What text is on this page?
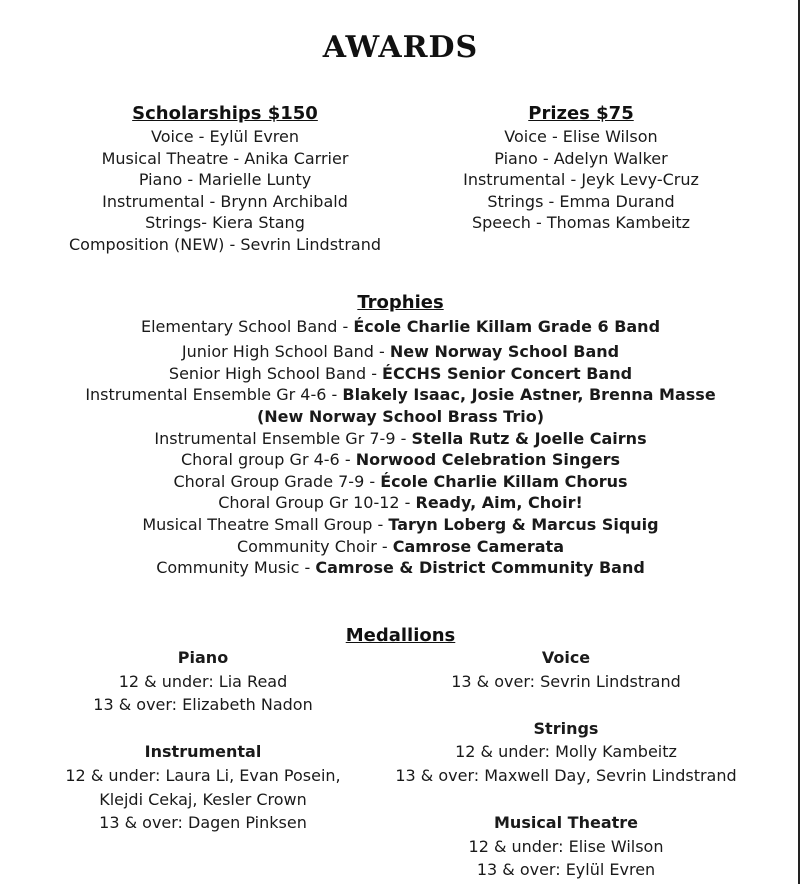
AWARDS
Scholarships $150
Voice - Eylül Evren
Musical Theatre - Anika Carrier
Piano - Marielle Lunty
Instrumental - Brynn Archibald
Strings- Kiera Stang
Composition (NEW) - Sevrin Lindstrand
Prizes $75
Voice - Elise Wilson
Piano - Adelyn Walker
Instrumental - Jeyk Levy-Cruz
Strings - Emma Durand
Speech - Thomas Kambeitz
Trophies
Elementary School Band - École Charlie Killam Grade 6 Band
Junior High School Band - New Norway School Band
Senior High School Band - ÉCCHS Senior Concert Band
Instrumental Ensemble Gr 4-6 - Blakely Isaac, Josie Astner, Brenna Masse
(New Norway School Brass Trio)
Instrumental Ensemble Gr 7-9 - Stella Rutz & Joelle Cairns
Choral group Gr 4-6 - Norwood Celebration Singers
Choral Group Grade 7-9 - École Charlie Killam Chorus
Choral Group Gr 10-12 - Ready, Aim, Choir!
Musical Theatre Small Group - Taryn Loberg & Marcus Siquig
Community Choir - Camrose Camerata
Community Music - Camrose & District Community Band
Medallions
Piano
12 & under: Lia Read
13 & over: Elizabeth Nadon
Instrumental
12 & under: Laura Li, Evan Posein,
Klejdi Cekaj, Kesler Crown
13 & over: Dagen Pinksen
Voice
13 & over: Sevrin Lindstrand
Strings
12 & under: Molly Kambeitz
13 & over: Maxwell Day, Sevrin Lindstrand
Musical Theatre
12 & under: Elise Wilson
13 & over: Eylül Evren
